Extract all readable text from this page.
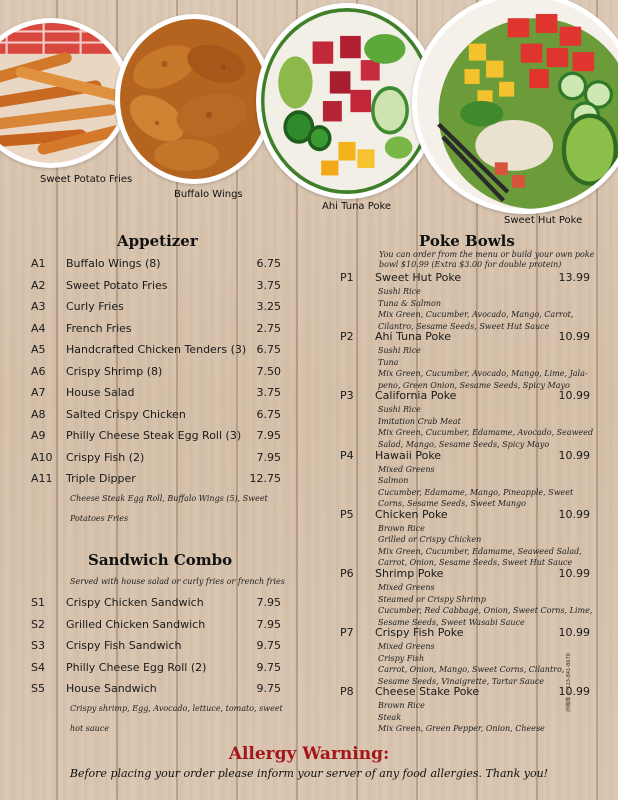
Sweet Potato Fries
Buffalo Wings
Ahi Tuna Poke
Sweet Hut Poke
Appetizer
A1 Buffalo Wings (8)	6.75
A2 Sweet Potato Fries	3.75
A3 Curly Fries	3.25
A4 French Fries	2.75
A5 Handcrafted Chicken Tenders (3) 6.75
A6 Crispy Shrimp (8)	7.50
A7 House Salad	3.75
A8 Salted Crispy Chicken	6.75
A9 Philly Cheese Steak Egg Roll (3) 7.95
A10 Crispy Fish (2)	7.95
A11 Triple Dipper	12.75
Cheese Steak Egg Roll, Buffalo Wings (5), Sweet
Potatoes Fries
Sandwich Combo
Served with house salad or curly fries or french fries
S1 Crispy Chicken Sandwich	7.95
S2 Grilled Chicken Sandwich	7.95
S3 Crispy Fish Sandwich	9.75
S4 Philly Cheese Egg Roll (2)	9.75
S5 House Sandwich	9.75
Crispy shrimp, Egg, Avocado, lettuce, tomato, sweet
hot sauce
Poke Bowls
You can order from the menu or build your own poke
bowl $10.99 (Extra $3.00 for double protein)
P1 Sweet Hut Poke	13.99
Sushi Rice
Tuna & Salmon
Mix Green, Cucumber, Avocado, Mango, Carrot,
Cilantro, Sesame Seeds, Sweet Hut Sauce
P2 Ahi Tuna Poke	10.99
Sushi Rice
Tuna
Mix Green, Cucumber, Avocado, Mango, Lime, Jala-
peno, Green Onion, Sesame Seeds, Spicy Mayo
P3 California Poke	10.99
Sushi Rice
Imitation Crab Meat
Mix Green, Cucumber, Edamame, Avocado, Seaweed
Salad, Mango, Sesame Seeds, Spicy Mayo
P4 Hawaii Poke	10.99
Mixed Greens
Salmon
Cucumber, Edamame, Mango, Pineapple, Sweet
Corns, Sesame Seeds, Sweet Mango
P5 Chicken Poke	10.99
Brown Rice
Grilled or Crispy Chicken
Mix Green, Cucumber, Edamame, Seaweed Salad,
Carrot, Onion, Sesame Seeds, Sweet Hut Sauce
P6 Shrimp Poke	10.99
Mixed Greens
Steamed or Crispy Shrimp
Cucumber, Red Cabbage, Onion, Sweet Corns, Lime,
Sesame Seeds, Sweet Wasabi Sauce
P7 Crispy Fish Poke	10.99
Mixed Greens
Crispy Fish
Carrot, Onion, Mango, Sweet Corns, Cilantro,
Sesame Seeds, Vinaigrette, Tartar Sauce
P8 Cheese Stake Poke	10.99
Brown Rice
Steak
Mix Green, Green Pepper, Onion, Cheese
Allergy Warning:
Before placing your order please inform your server of any food allergies. Thank you!
满蝴蝶 ©-123-841-8670
